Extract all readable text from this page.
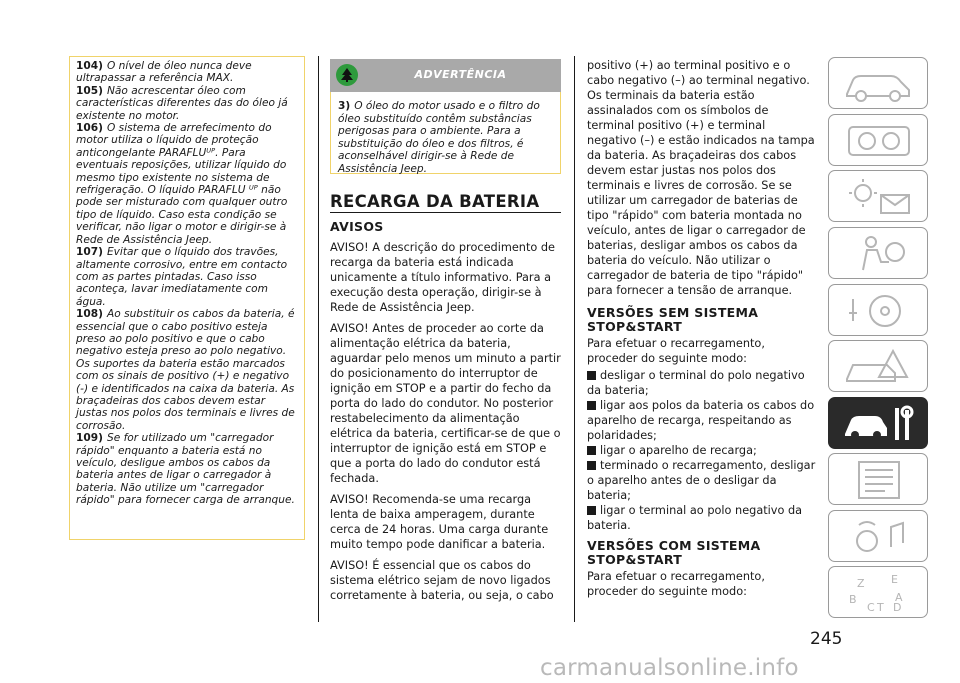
104) O nível de óleo nunca deve ultrapassar a referência MAX.

105) Não acrescentar óleo com características diferentes das do óleo já existente no motor.

106) O sistema de arrefecimento do motor utiliza o líquido de proteção anticongelante PARAFLUᵁᴾ. Para eventuais reposições, utilizar líquido do mesmo tipo existente no sistema de refrigeração. O líquido PARAFLU ᵁᴾ não pode ser misturado com qualquer outro tipo de líquido. Caso esta condição se verificar, não ligar o motor e dirigir-se à Rede de Assistência Jeep.

107) Evitar que o líquido dos travões, altamente corrosivo, entre em contacto com as partes pintadas. Caso isso aconteça, lavar imediatamente com água.

108) Ao substituir os cabos da bateria, é essencial que o cabo positivo esteja preso ao polo positivo e que o cabo negativo esteja preso ao polo negativo. Os suportes da bateria estão marcados com os sinais de positivo (+) e negativo (-) e identificados na caixa da bateria. As braçadeiras dos cabos devem estar justas nos polos dos terminais e livres de corrosão.

109) Se for utilizado um "carregador rápido" enquanto a bateria está no veículo, desligue ambos os cabos da bateria antes de ligar o carregador à bateria. Não utilize um "carregador rápido" para fornecer carga de arranque.

ADVERTÊNCIA

3) O óleo do motor usado e o filtro do óleo substituído contêm substâncias perigosas para o ambiente. Para a substituição do óleo e dos filtros, é aconselhável dirigir-se à Rede de Assistência Jeep.

RECARGA DA BATERIA
AVISOS

AVISO! A descrição do procedimento de recarga da bateria está indicada unicamente a título informativo. Para a execução desta operação, dirigir-se à Rede de Assistência Jeep.

AVISO! Antes de proceder ao corte da alimentação elétrica da bateria, aguardar pelo menos um minuto a partir do posicionamento do interruptor de ignição em STOP e a partir do fecho da porta do lado do condutor. No posterior restabelecimento da alimentação elétrica da bateria, certificar-se de que o interruptor de ignição está em STOP e que a porta do lado do condutor está fechada.

AVISO! Recomenda-se uma recarga lenta de baixa amperagem, durante cerca de 24 horas. Uma carga durante muito tempo pode danificar a bateria.

AVISO! É essencial que os cabos do sistema elétrico sejam de novo ligados corretamente à bateria, ou seja, o cabo

positivo (+) ao terminal positivo e o cabo negativo (–) ao terminal negativo. Os terminais da bateria estão assinalados com os símbolos de terminal positivo (+) e terminal negativo (–) e estão indicados na tampa da bateria. As braçadeiras dos cabos devem estar justas nos polos dos terminais e livres de corrosão. Se se utilizar um carregador de baterias de tipo "rápido" com bateria montada no veículo, antes de ligar o carregador de baterias, desligar ambos os cabos da bateria do veículo. Não utilizar o carregador de bateria de tipo "rápido" para fornecer a tensão de arranque.

VERSÕES SEM SISTEMA STOP&START

Para efetuar o recarregamento, proceder do seguinte modo:

desligar o terminal do polo negativo da bateria;

ligar aos polos da bateria os cabos do aparelho de recarga, respeitando as polaridades;

ligar o aparelho de recarga;

terminado o recarregamento, desligar o aparelho antes de o desligar da bateria;

ligar o terminal ao polo negativo da bateria.

VERSÕES COM SISTEMA STOP&START

Para efetuar o recarregamento, proceder do seguinte modo:

Z E
B	A
C T D
245
carmanualsonline.info
